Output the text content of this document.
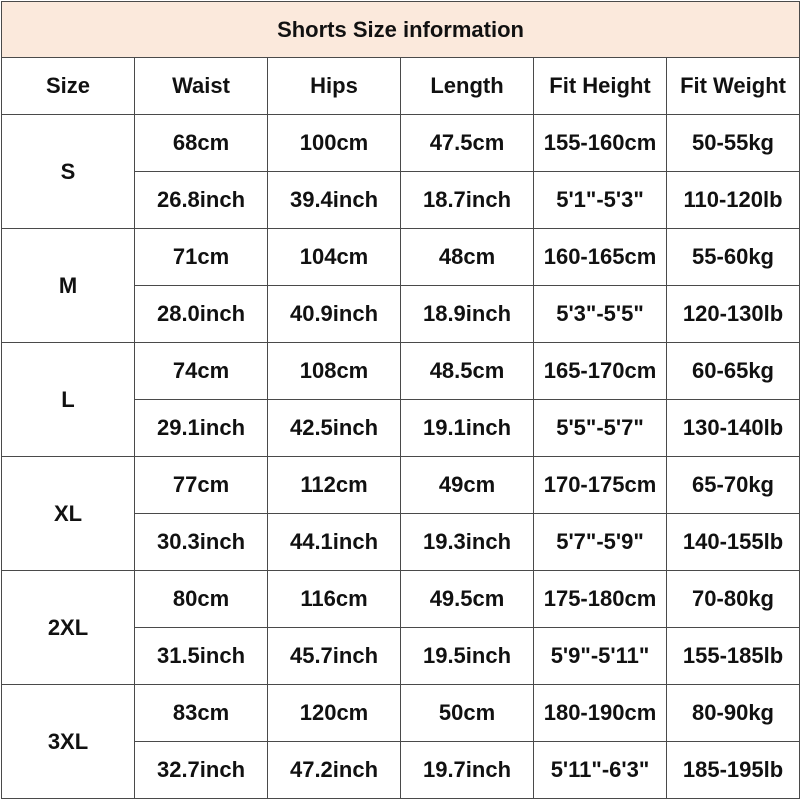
Shorts Size information					
Size	Waist	Hips	Length	Fit Height	Fit Weight
S	68cm	100cm	47.5cm	155-160cm	50-55kg
	26.8inch	39.4inch	18.7inch	5'1"-5'3"	110-120lb
M	71cm	104cm	48cm	160-165cm	55-60kg
	28.0inch	40.9inch	18.9inch	5'3"-5'5"	120-130lb
L	74cm	108cm	48.5cm	165-170cm	60-65kg
	29.1inch	42.5inch	19.1inch	5'5"-5'7"	130-140lb
XL	77cm	112cm	49cm	170-175cm	65-70kg
	30.3inch	44.1inch	19.3inch	5'7"-5'9"	140-155lb
2XL	80cm	116cm	49.5cm	175-180cm	70-80kg
	31.5inch	45.7inch	19.5inch	5'9"-5'11"	155-185lb
3XL	83cm	120cm	50cm	180-190cm	80-90kg
	32.7inch	47.2inch	19.7inch	5'11"-6'3"	185-195lb
